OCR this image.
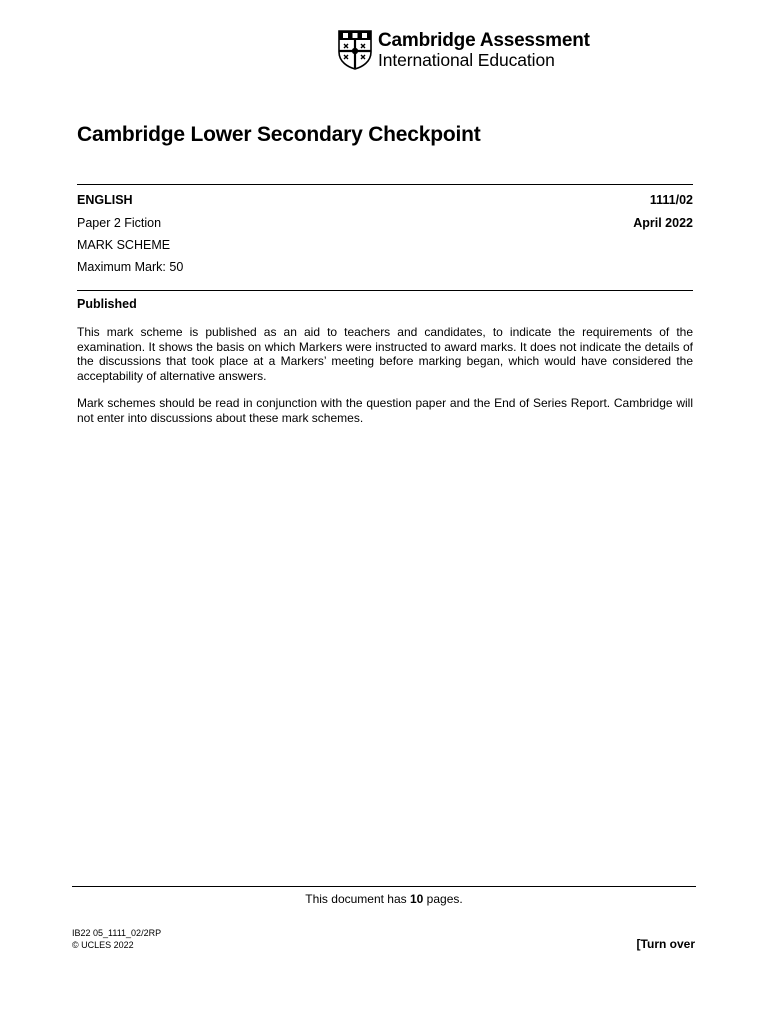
Cambridge Assessment
International Education
Cambridge Lower Secondary Checkpoint
ENGLISH	1111/02
Paper 2 Fiction	April 2022
MARK SCHEME
Maximum Mark: 50
Published
This mark scheme is published as an aid to teachers and candidates, to indicate the requirements of the examination. It shows the basis on which Markers were instructed to award marks. It does not indicate the details of the discussions that took place at a Markers’ meeting before marking began, which would have considered the acceptability of alternative answers.
Mark schemes should be read in conjunction with the question paper and the End of Series Report. Cambridge will not enter into discussions about these mark schemes.
This document has 10 pages.
IB22 05_1111_02/2RP
© UCLES 2022	[Turn over
